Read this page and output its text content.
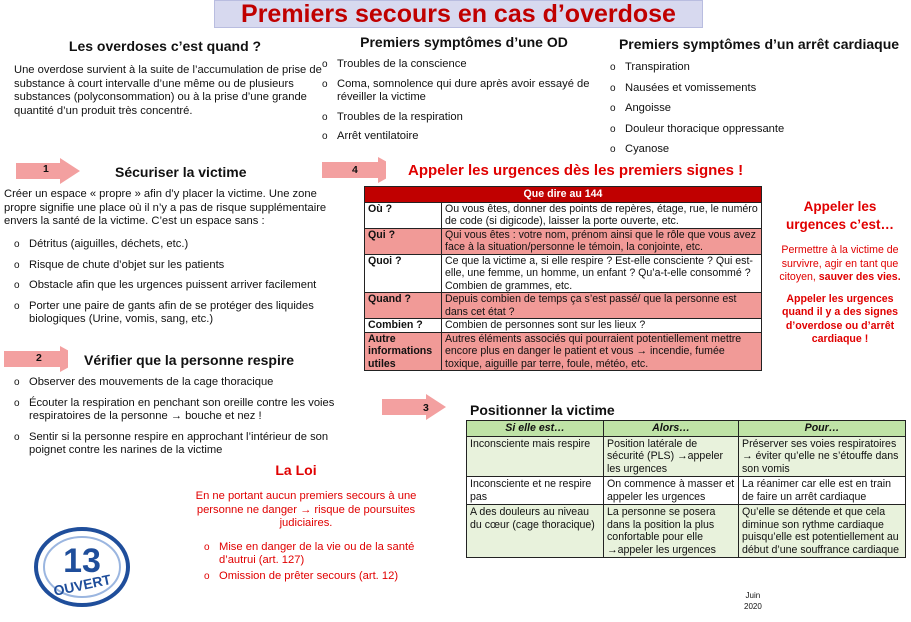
Premiers secours en cas d’overdose
Les overdoses c’est quand ?
Une overdose survient à la suite de l’accumulation de prise de substance à court intervalle d’une même ou de plusieurs substances (polyconsommation) ou à la prise d’une grande quantité d’un produit très concentré.
Premiers symptômes d’une OD
o Troubles de la conscience
o Coma, somnolence qui dure après avoir essayé de réveiller la victime
o Troubles de la respiration
o Arrêt ventilatoire
Premiers symptômes d’un arrêt cardiaque
o Transpiration
o Nausées et vomissements
o Angoisse
o Douleur thoracique oppressante
o Cyanose
1	Sécuriser la victime
Créer un espace « propre » afin d’y placer la victime. Une zone propre signifie une place où il n’y a pas de risque supplémentaire envers la santé de la victime. C’est un espace sans :
o Détritus (aiguilles, déchets, etc.)
o Risque de chute d’objet sur les patients
o Obstacle afin que les urgences puissent arriver facilement
o Porter une paire de gants afin de se protéger des liquides biologiques (Urine, vomis, sang, etc.)
2	Vérifier que la personne respire
o Observer des mouvements de la cage thoracique
o Écouter la respiration en penchant son oreille contre les voies respiratoires de la personne → bouche et nez !
o Sentir si la personne respire en approchant l’intérieur de son poignet contre les narines de la victime
La Loi
En ne portant aucun premiers secours à une personne ne danger → risque de poursuites judiciaires.
o Mise en danger de la vie ou de la santé d’autrui (art. 127)
o Omission de prêter secours (art. 12)
13
OUVERT
4	Appeler les urgences dès les premiers signes !
Que dire au 144	
Où ?	Ou vous êtes, donner des points de repères, étage, rue, le numéro de code (si digicode), laisser la porte ouverte, etc.
Qui ?	Qui vous êtes : votre nom, prénom ainsi que le rôle que vous avez face à la situation/personne le témoin, la conjointe, etc.
Quoi ?	Ce que la victime a, si elle respire ? Est-elle consciente ? Qui est-elle, une femme, un homme, un enfant ? Qu’a-t-elle consommé ? Combien de grammes, etc.
Quand ?	Depuis combien de temps ça s’est passé/ que la personne est dans cet état ?
Combien ?	Combien de personnes sont sur les lieux ?
Autre informations utiles	Autres éléments associés qui pourraient potentiellement mettre encore plus en danger le patient et vous → incendie, fumée toxique, aiguille par terre, foule, météo, etc.
Appeler les urgences c’est…
Permettre à la victime de survivre, agir en tant que citoyen, sauver des vies.
Appeler les urgences quand il y a des signes d’overdose ou d’arrêt cardiaque !
3	Positionner la victime
Si elle est…	Alors…	Pour…
Inconsciente mais respire	Position latérale de sécurité (PLS) →appeler les urgences	Préserver ses voies respiratoires → éviter qu’elle ne s’étouffe dans son vomis
Inconsciente et ne respire pas	On commence à masser et appeler les urgences	La réanimer car elle est en train de faire un arrêt cardiaque
A des douleurs au niveau du cœur (cage thoracique)	La personne se posera dans la position la plus confortable pour elle →appeler les urgences	Qu’elle se détende et que cela diminue son rythme cardiaque puisqu’elle est potentiellement au début d’une souffrance cardiaque
Juin
2020
